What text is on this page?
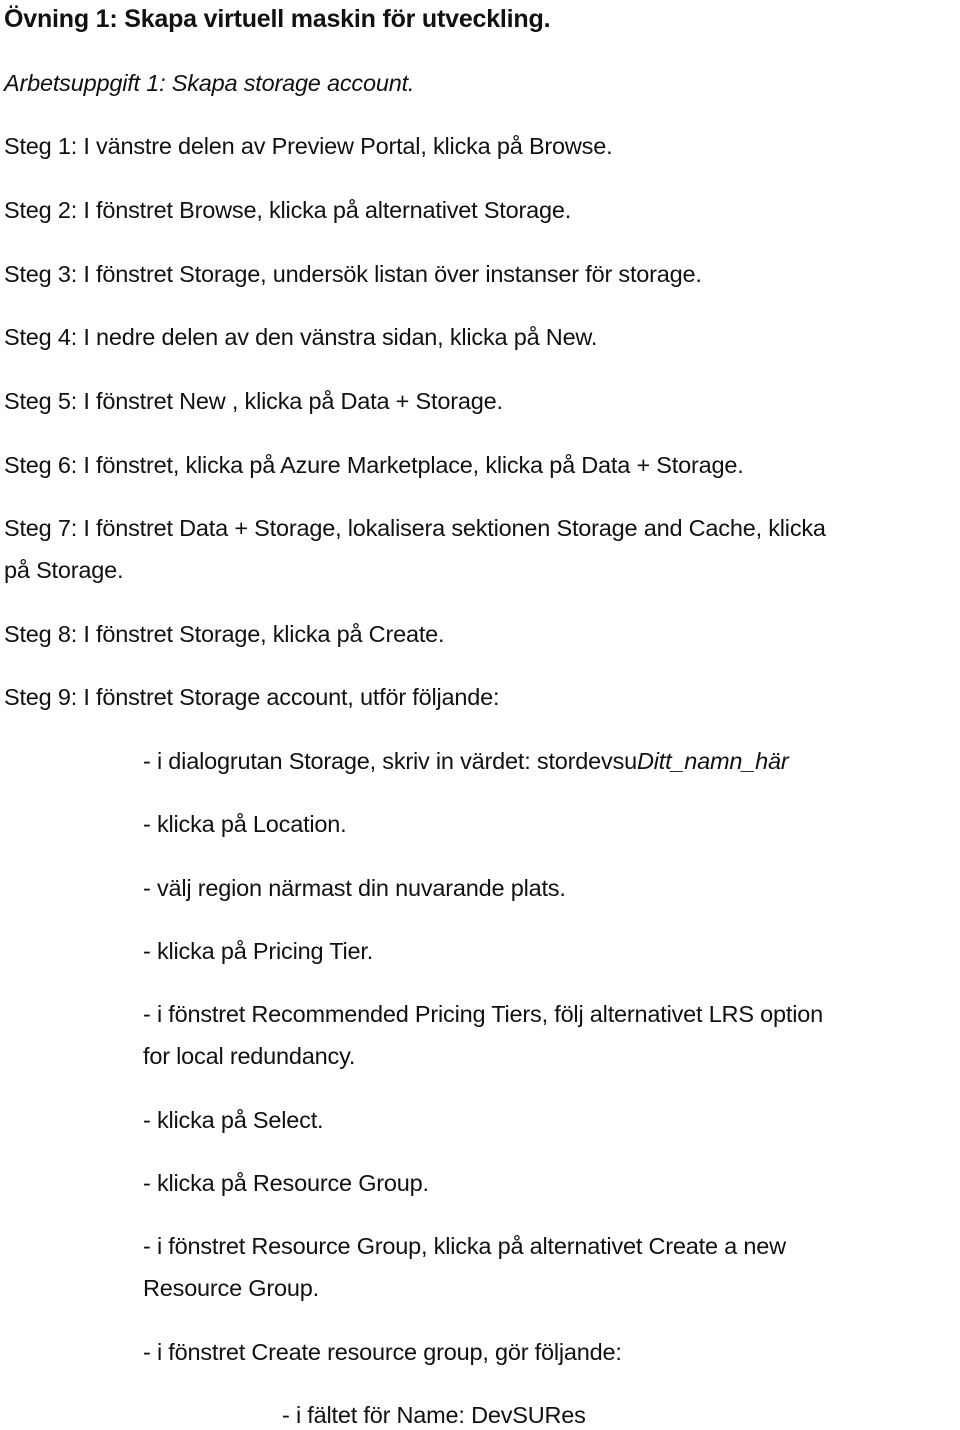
Övning 1: Skapa virtuell maskin för utveckling.
Arbetsuppgift 1: Skapa storage account.
Steg 1: I vänstre delen av Preview Portal, klicka på Browse.
Steg 2: I fönstret Browse, klicka på alternativet Storage.
Steg 3: I fönstret Storage, undersök listan över instanser för storage.
Steg 4: I nedre delen av den vänstra sidan, klicka på New.
Steg 5: I fönstret New , klicka på Data + Storage.
Steg 6: I fönstret, klicka på Azure Marketplace, klicka på Data + Storage.
Steg 7: I fönstret Data + Storage, lokalisera sektionen Storage and Cache, klicka
på Storage.
Steg 8: I fönstret Storage, klicka på Create.
Steg 9: I fönstret Storage account, utför följande:
- i dialogrutan Storage, skriv in värdet: stordevsuDitt_namn_här
- klicka på Location.
- välj region närmast din nuvarande plats.
- klicka på Pricing Tier.
- i fönstret Recommended Pricing Tiers, följ alternativet LRS option
for local redundancy.
- klicka på Select.
- klicka på Resource Group.
- i fönstret Resource Group, klicka på alternativet Create a new
Resource Group.
- i fönstret Create resource group, gör följande:
- i fältet för Name: DevSURes
